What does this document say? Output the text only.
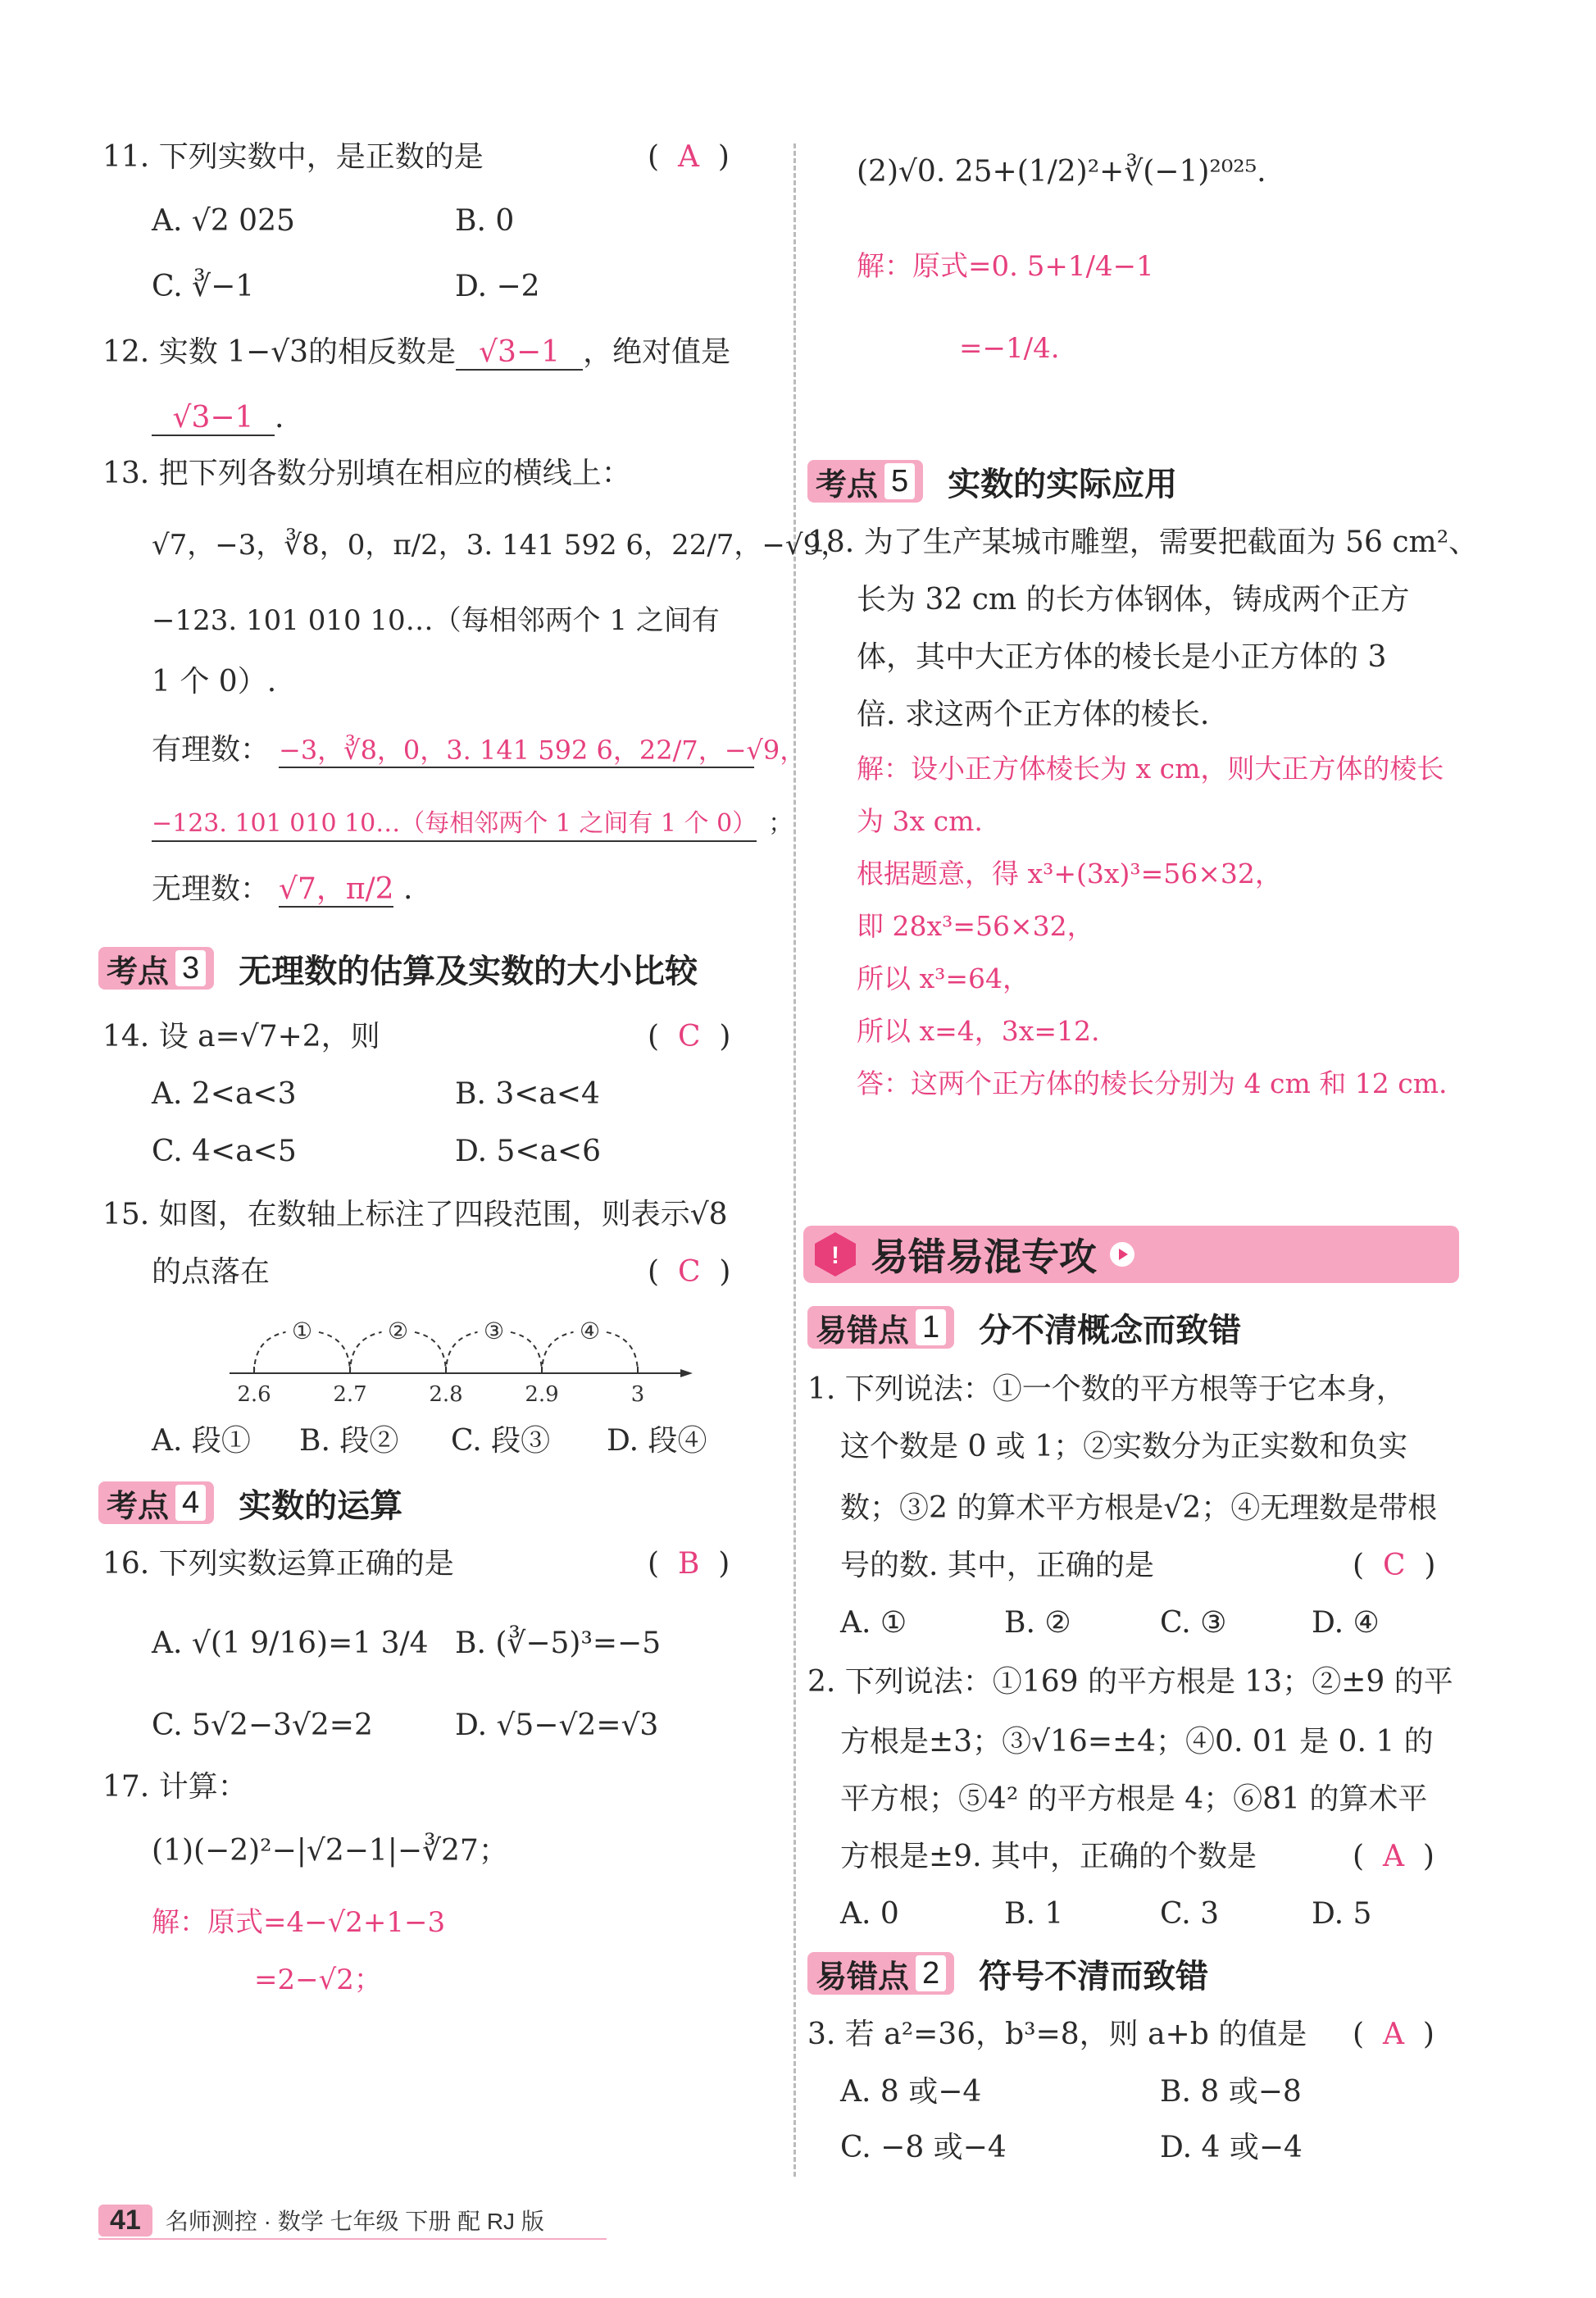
11. 下列实数中，是正数的是	(  A  )
A. √2 025	B. 0
C. ∛−1	D. −2
12. 实数 1−√3的相反数是 √3−1 ，绝对值是
√3−1 .
13. 把下列各数分别填在相应的横线上：
√7，−3，∛8，0，π/2，3. 141 592 6，22/7，−√9，
−123. 101 010 10…（每相邻两个 1 之间有
1 个 0）.
有理数： −3，∛8，0，3. 141 592 6，22/7，−√9，
−123. 101 010 10…（每相邻两个 1 之间有 1 个 0） ；
无理数： √7，π/2 .
考点 3 无理数的估算及实数的大小比较
14. 设 a=√7+2，则	(  C  )
A. 2<a<3	B. 3<a<4
C. 4<a<5	D. 5<a<6
15. 如图，在数轴上标注了四段范围，则表示√8
的点落在	(  C  )
2.6	2.7	2.8	2.9	3
①	②	③	④
A. 段① B. 段② C. 段③ D. 段④
考点 4 实数的运算
16. 下列实数运算正确的是	(  B  )
A. √(1 9/16)=1 3/4 B. (∛−5)³=−5
C. 5√2−3√2=2	D. √5−√2=√3
17. 计算：
(1)(−2)²−|√2−1|−∛27；
解：原式=4−√2+1−3
=2−√2；
(2)√0. 25+(1/2)²+∛(−1)²⁰²⁵.
解：原式=0. 5+1/4−1
=−1/4.
考点 5 实数的实际应用
18. 为了生产某城市雕塑，需要把截面为 56 cm²、
长为 32 cm 的长方体钢体，铸成两个正方
体，其中大正方体的棱长是小正方体的 3
倍. 求这两个正方体的棱长.
解：设小正方体棱长为 x cm，则大正方体的棱长
为 3x cm.
根据题意，得 x³+(3x)³=56×32，
即 28x³=56×32，
所以 x³=64，
所以 x=4，3x=12.
答：这两个正方体的棱长分别为 4 cm 和 12 cm.
! 易错易混专攻
易错点 1 分不清概念而致错
1. 下列说法：①一个数的平方根等于它本身，
这个数是 0 或 1；②实数分为正实数和负实
数；③2 的算术平方根是√2；④无理数是带根
号的数. 其中，正确的是	(  C  )
A. ①	B. ②	C. ③	D. ④
2. 下列说法：①169 的平方根是 13；②±9 的平
方根是±3；③√16=±4；④0. 01 是 0. 1 的
平方根；⑤4² 的平方根是 4；⑥81 的算术平
方根是±9. 其中，正确的个数是	(  A  )
A. 0	B. 1	C. 3	D. 5
易错点 2 符号不清而致错
3. 若 a²=36，b³=8，则 a+b 的值是 (  A  )
A. 8 或−4	B. 8 或−8
C. −8 或−4	D. 4 或−4
41	名师测控 · 数学 七年级 下册 配 RJ 版
